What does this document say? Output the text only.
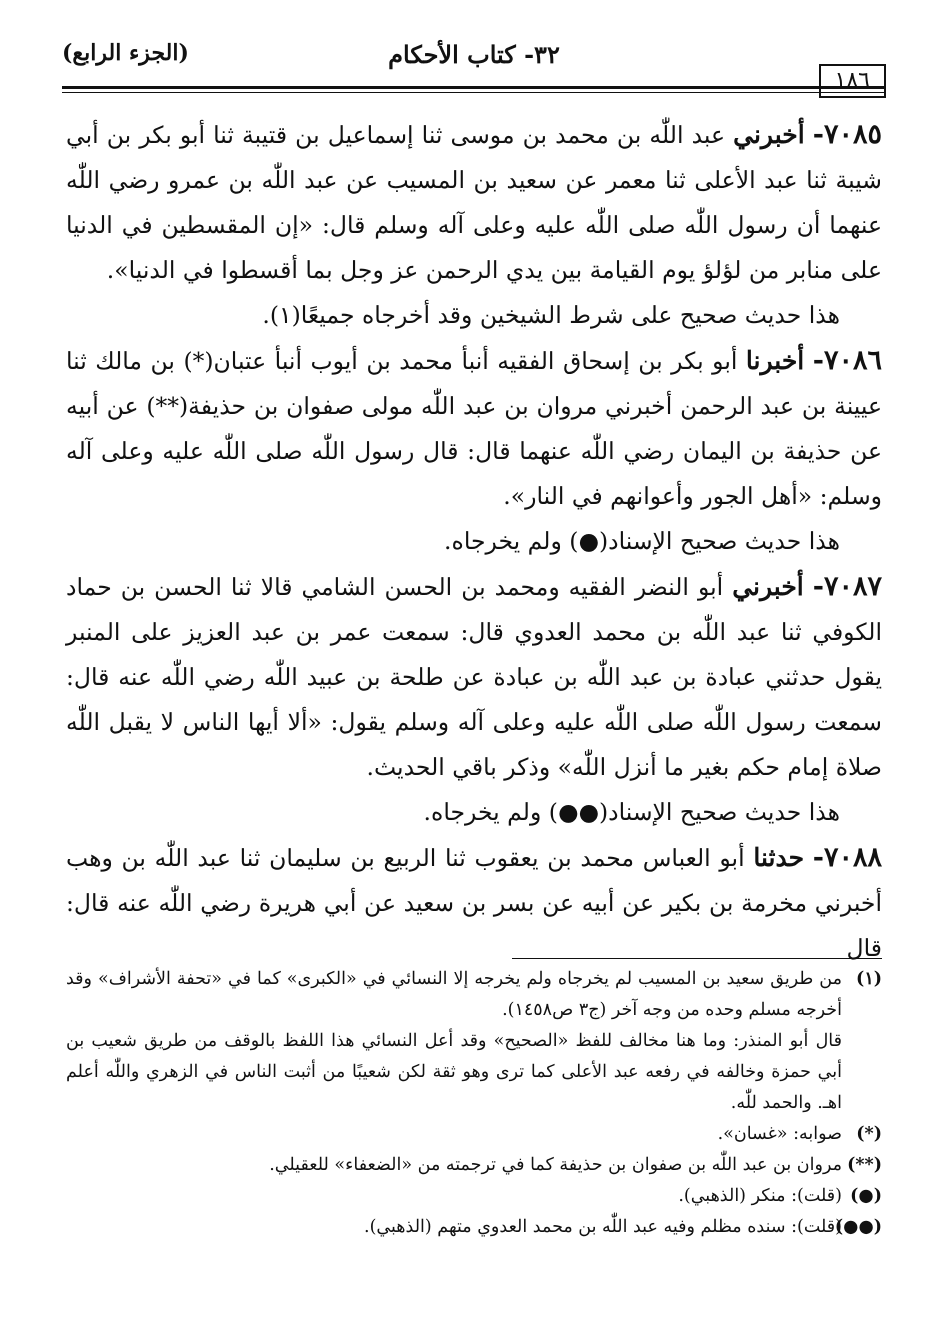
١٨٦
٣٢- كتاب الأحكام
(الجزء الرابع)

٧٠٨٥- أخبرني عبد اللّٰه بن محمد بن موسى ثنا إسماعيل بن قتيبة ثنا أبو بكر بن أبي شيبة ثنا عبد الأعلى ثنا معمر عن سعيد بن المسيب عن عبد اللّٰه بن عمرو رضي اللّٰه عنهما أن رسول اللّٰه صلى اللّٰه عليه وعلى آله وسلم قال: «إن المقسطين في الدنيا على منابر من لؤلؤ يوم القيامة بين يدي الرحمن عز وجل بما أقسطوا في الدنيا».

هذا حديث صحيح على شرط الشيخين وقد أخرجاه جميعًا(١).

٧٠٨٦- أخبرنا أبو بكر بن إسحاق الفقيه أنبأ محمد بن أيوب أنبأ عتبان(*) بن مالك ثنا عيينة بن عبد الرحمن أخبرني مروان بن عبد اللّٰه مولى صفوان بن حذيفة(**) عن أبيه عن حذيفة بن اليمان رضي اللّٰه عنهما قال: قال رسول اللّٰه صلى اللّٰه عليه وعلى آله وسلم: «أهل الجور وأعوانهم في النار».

هذا حديث صحيح الإسناد(●) ولم يخرجاه.

٧٠٨٧- أخبرني أبو النضر الفقيه ومحمد بن الحسن الشامي قالا ثنا الحسن بن حماد الكوفي ثنا عبد اللّٰه بن محمد العدوي قال: سمعت عمر بن عبد العزيز على المنبر يقول حدثني عبادة بن عبد اللّٰه بن عبادة عن طلحة بن عبيد اللّٰه رضي اللّٰه عنه قال: سمعت رسول اللّٰه صلى اللّٰه عليه وعلى آله وسلم يقول: «ألا أيها الناس لا يقبل اللّٰه صلاة إمام حكم بغير ما أنزل اللّٰه» وذكر باقي الحديث.

هذا حديث صحيح الإسناد(●●) ولم يخرجاه.

٧٠٨٨- حدثنا أبو العباس محمد بن يعقوب ثنا الربيع بن سليمان ثنا عبد اللّٰه بن وهب أخبرني مخرمة بن بكير عن أبيه عن بسر بن سعيد عن أبي هريرة رضي اللّٰه عنه قال: قال

(١)
من طريق سعيد بن المسيب لم يخرجاه ولم يخرجه إلا النسائي في «الكبرى» كما في «تحفة الأشراف» وقد أخرجه مسلم وحده من وجه آخر (ج٣ ص١٤٥٨).

قال أبو المنذر: وما هنا مخالف للفظ «الصحيح» وقد أعل النسائي هذا اللفظ بالوقف من طريق شعيب بن أبي حمزة وخالفه في رفعه عبد الأعلى كما ترى وهو ثقة لكن شعيبًا من أثبت الناس في الزهري واللّٰه أعلم اهـ. والحمد للّٰه.

(*)
صوابه: «غسان».

(**)
مروان بن عبد اللّٰه بن صفوان بن حذيفة كما في ترجمته من «الضعفاء» للعقيلي.

(●)
(قلت): منكر (الذهبي).

(●●)
(قلت): سنده مظلم وفيه عبد اللّٰه بن محمد العدوي متهم (الذهبي).
